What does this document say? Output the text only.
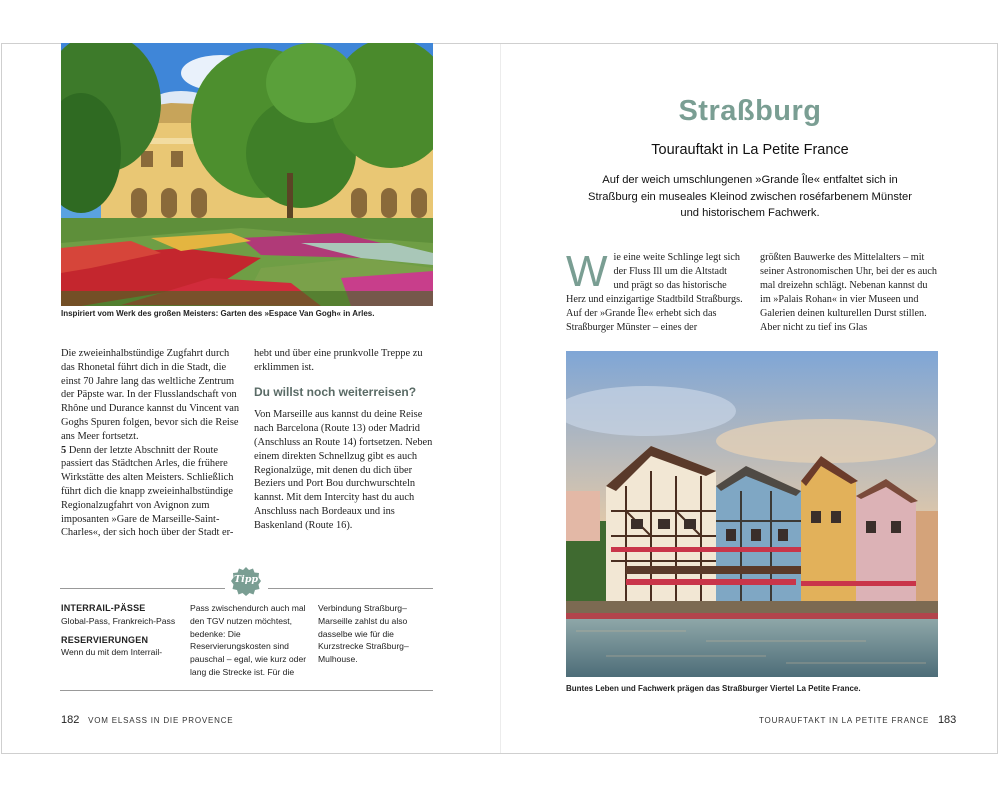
Inspiriert vom Werk des großen Meisters: Garten des »Espace Van Gogh« in Arles.

Die zweieinhalbstündige Zugfahrt durch das Rhonetal führt dich in die Stadt, die einst 70 Jahre lang das weltliche Zentrum der Päpste war. In der Flusslandschaft von Rhône und Durance kannst du Vincent van Goghs Spuren folgen, bevor sich die Reise ans Meer fortsetzt.

5 Denn der letzte Abschnitt der Route passiert das Städtchen Arles, die frühere Wirkstätte des alten Meisters. Schließlich führt dich die knapp zweieinhalbstündige Regionalzugfahrt von Avignon zum imposanten »Gare de Marseille-Saint-Charles«, der sich hoch über der Stadt er-

hebt und über eine prunkvolle Treppe zu erklimmen ist.

Du willst noch weiterreisen?

Von Marseille aus kannst du deine Reise nach Barcelona (Route 13) oder Madrid (Anschluss an Route 14) fortsetzen. Neben einem direkten Schnellzug gibt es auch Regionalzüge, mit denen du dich über Beziers und Port Bou durchwurschteln kannst. Mit dem Intercity hast du auch Anschluss nach Bordeaux und ins Baskenland (Route 16).

Tipp

INTERRAIL-PÄSSE

Global-Pass, Frankreich-Pass

RESERVIERUNGEN

Wenn du mit dem Interrail-

Pass zwischendurch auch mal den TGV nutzen möchtest, bedenke: Die Reservierungskosten sind pauschal – egal, wie kurz oder lang die Strecke ist. Für die

Verbindung Straßburg–Marseille zahlst du also dasselbe wie für die Kurzstrecke Straßburg–Mulhouse.

182 VOM ELSASS IN DIE PROVENCE
Straßburg
Tourauftakt in La Petite France
Auf der weich umschlungenen »Grande Île« entfaltet sich in Straßburg ein museales Kleinod zwischen roséfarbenem Münster und historischem Fachwerk.
W ie eine weite Schlinge legt sich der Fluss Ill um die Altstadt und prägt so das historische Herz und einzigartige Stadtbild Straßburgs. Auf der »Grande Île« erhebt sich das Straßburger Münster – eines der
größten Bauwerke des Mittelalters – mit seiner Astronomischen Uhr, bei der es auch mal dreizehn schlägt. Nebenan kannst du im »Palais Rohan« in vier Museen und Galerien deinen kulturellen Durst stillen. Aber nicht zu tief ins Glas
Buntes Leben und Fachwerk prägen das Straßburger Viertel La Petite France.
TOURAUFTAKT IN LA PETITE FRANCE 183
